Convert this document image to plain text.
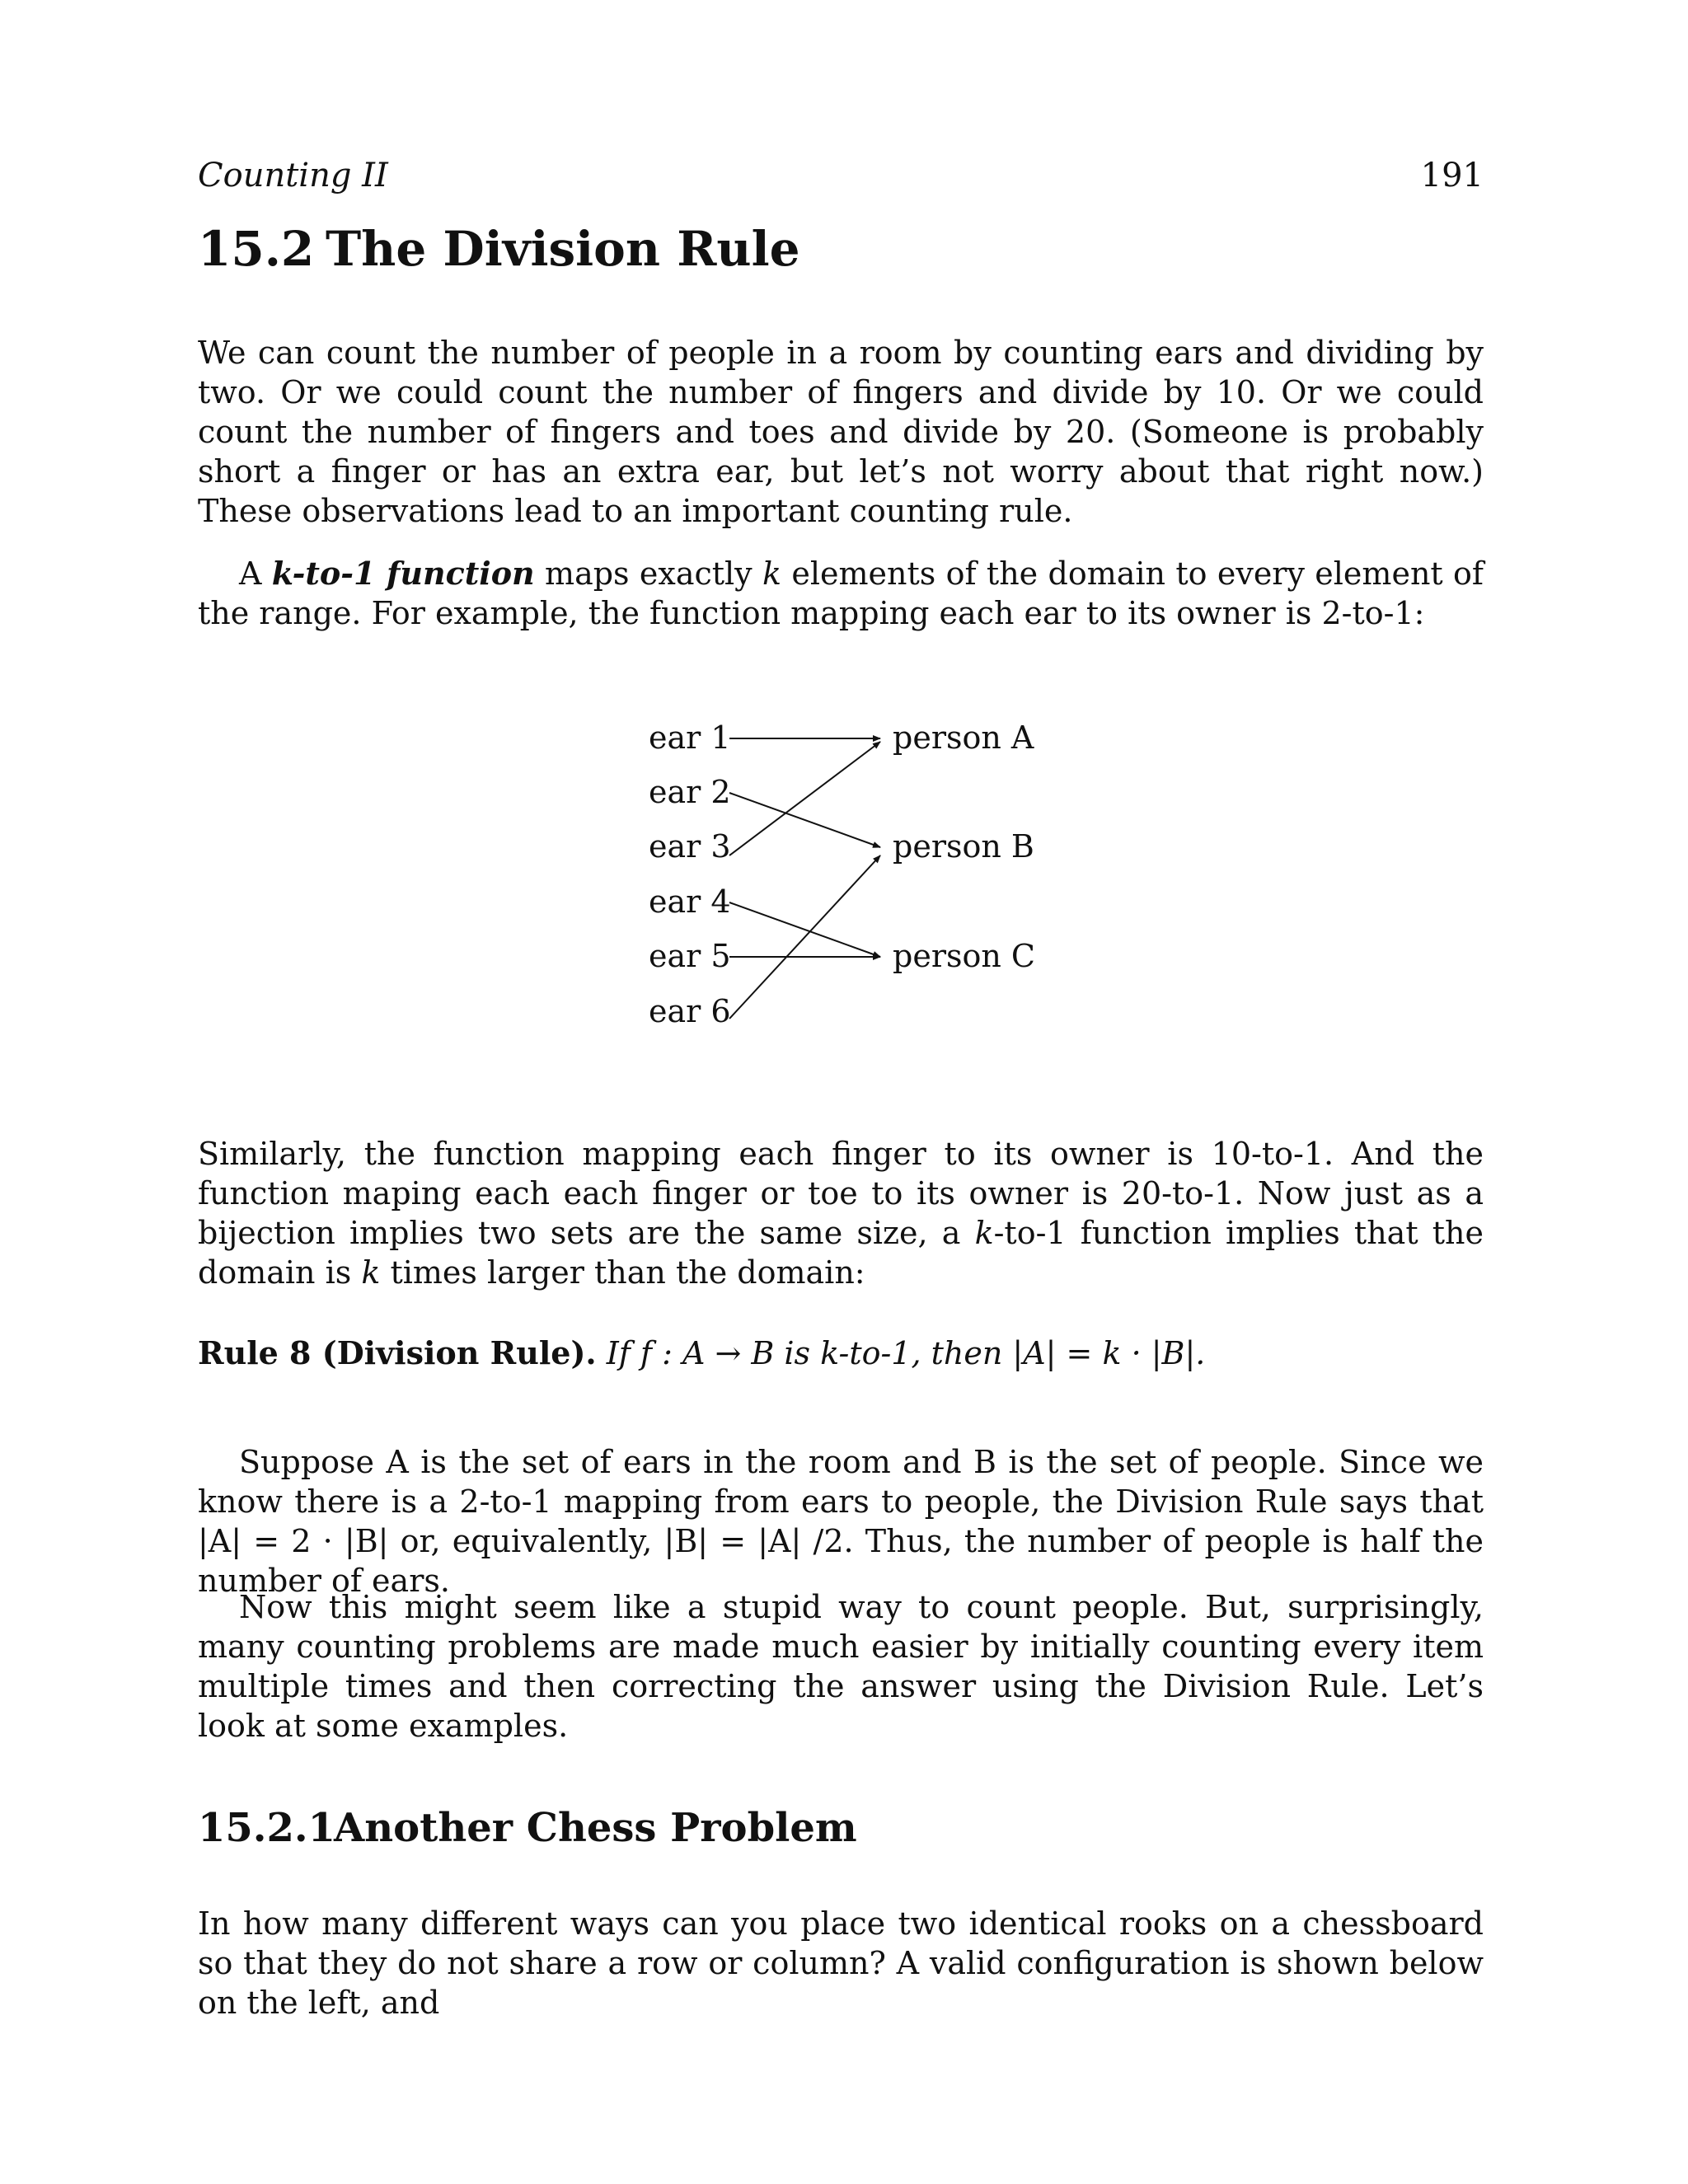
Counting II	191
15.2 The Division Rule

We can count the number of people in a room by counting ears and dividing by two. Or we could count the number of fingers and divide by 10. Or we could count the number of fingers and toes and divide by 20. (Someone is probably short a finger or has an extra ear, but let’s not worry about that right now.) These observations lead to an important counting rule.

A k-to-1 function maps exactly k elements of the domain to every element of the range. For example, the function mapping each ear to its owner is 2-to-1:

ear 1
ear 2
ear 3
ear 4
ear 5
ear 6
person A
person B
person C

Similarly, the function mapping each finger to its owner is 10-to-1. And the function maping each each finger or toe to its owner is 20-to-1. Now just as a bijection implies two sets are the same size, a k-to-1 function implies that the domain is k times larger than the domain:

Rule 8 (Division Rule). If f : A → B is k-to-1, then |A| = k · |B|.

Suppose A is the set of ears in the room and B is the set of people. Since we know there is a 2-to-1 mapping from ears to people, the Division Rule says that |A| = 2 · |B| or, equivalently, |B| = |A| /2. Thus, the number of people is half the number of ears.

Now this might seem like a stupid way to count people. But, surprisingly, many counting problems are made much easier by initially counting every item multiple times and then correcting the answer using the Division Rule. Let’s look at some examples.

15.2.1Another Chess Problem

In how many different ways can you place two identical rooks on a chessboard so that they do not share a row or column? A valid configuration is shown below on the left, and
